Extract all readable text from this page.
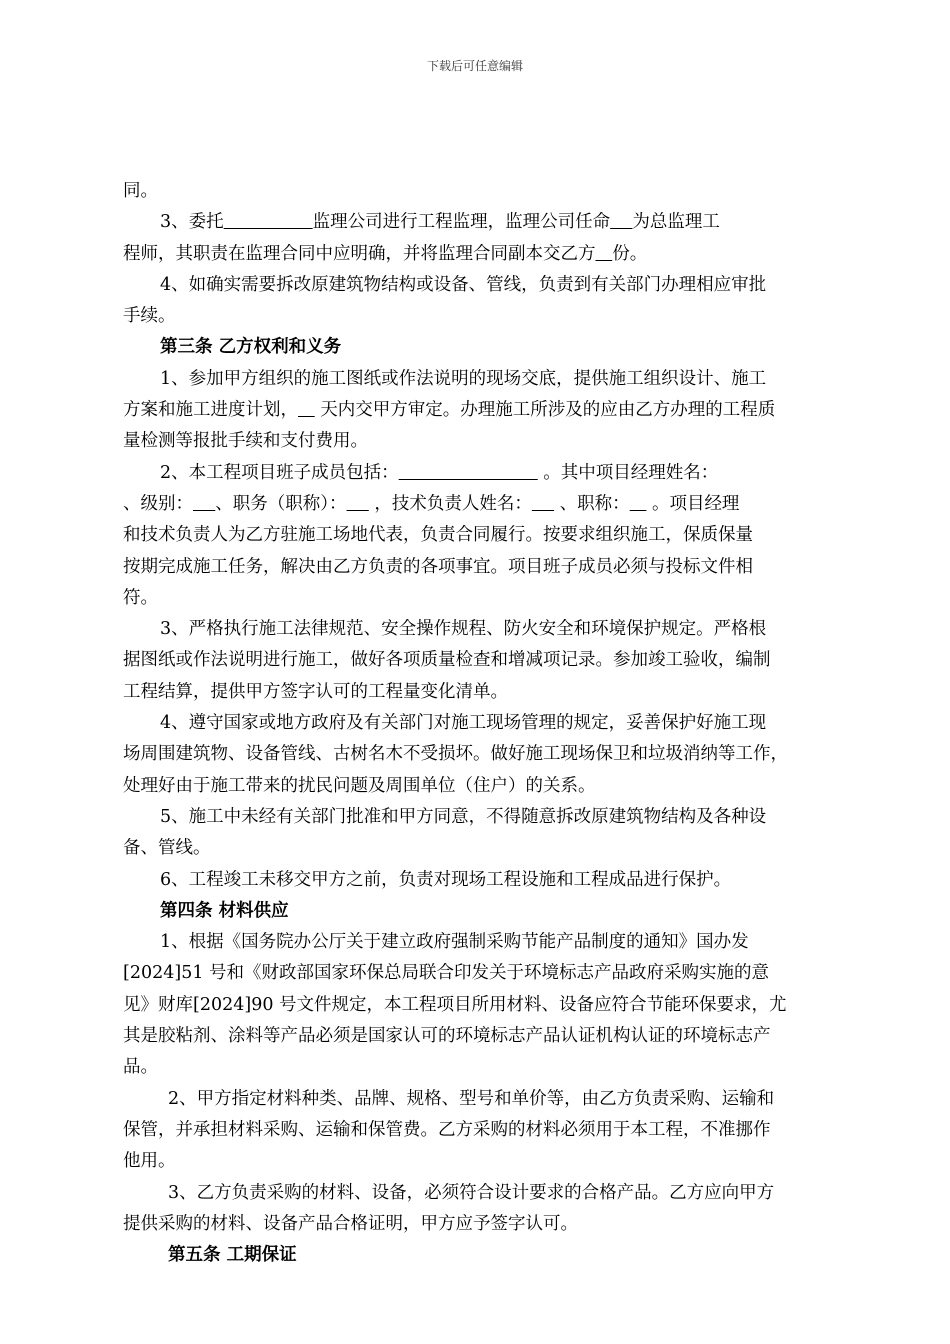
下载后可任意编辑

同。

3、委托	监理公司进行工程监理，监理公司任命 为总监理工

程师，其职责在监理合同中应明确，并将监理合同副本交乙方 份。

4、如确实需要拆改原建筑物结构或设备、管线，负责到有关部门办理相应审批

手续。

第三条 乙方权利和义务

1、参加甲方组织的施工图纸或作法说明的现场交底，提供施工组织设计、施工

方案和施工进度计划，    天内交甲方审定。办理施工所涉及的应由乙方办理的工程质

量检测等报批手续和支付费用。

2、本工程项目班子成员包括：	。其中项目经理姓名：

、级别： 、职务（职称）：     ，技术负责人姓名：     、职称：    。项目经理

和技术负责人为乙方驻施工场地代表，负责合同履行。按要求组织施工，保质保量

按期完成施工任务，解决由乙方负责的各项事宜。项目班子成员必须与投标文件相

符。

3、严格执行施工法律规范、安全操作规程、防火安全和环境保护规定。严格根

据图纸或作法说明进行施工，做好各项质量检查和增减项记录。参加竣工验收，编制

工程结算，提供甲方签字认可的工程量变化清单。

4、遵守国家或地方政府及有关部门对施工现场管理的规定，妥善保护好施工现

场周围建筑物、设备管线、古树名木不受损坏。做好施工现场保卫和垃圾消纳等工作，

处理好由于施工带来的扰民问题及周围单位（住户）的关系。

5、施工中未经有关部门批准和甲方同意，不得随意拆改原建筑物结构及各种设

备、管线。

6、工程竣工未移交甲方之前，负责对现场工程设施和工程成品进行保护。

第四条 材料供应

1、根据《国务院办公厅关于建立政府强制采购节能产品制度的通知》国办发

[2024]51 号和《财政部国家环保总局联合印发关于环境标志产品政府采购实施的意

见》财库[2024]90 号文件规定，本工程项目所用材料、设备应符合节能环保要求，尤

其是胶粘剂、涂料等产品必须是国家认可的环境标志产品认证机构认证的环境标志产

品。

2、甲方指定材料种类、品牌、规格、型号和单价等，由乙方负责采购、运输和

保管，并承担材料采购、运输和保管费。乙方采购的材料必须用于本工程，不准挪作

他用。

3、乙方负责采购的材料、设备，必须符合设计要求的合格产品。乙方应向甲方

提供采购的材料、设备产品合格证明，甲方应予签字认可。

第五条 工期保证
